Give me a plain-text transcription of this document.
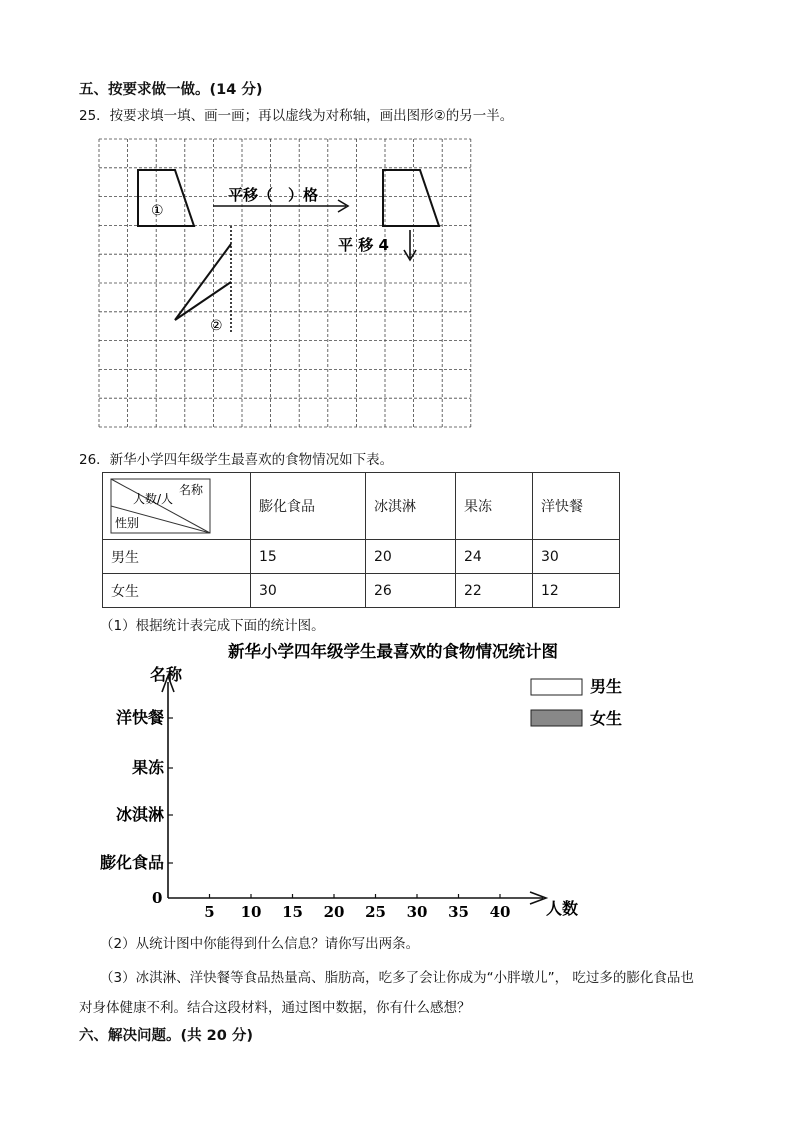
五、按要求做一做。(14 分)
25．按要求填一填、画一画；再以虚线为对称轴，画出图形②的另一半。
①
②
平移（　）格
平 移 4
26．新华小学四年级学生最喜欢的食物情况如下表。
名称
人数/人
性别	膨化食品	冰淇淋	果冻	洋快餐
男生	15	20	24	30
女生	30	26	22	12
（1）根据统计表完成下面的统计图。
新华小学四年级学生最喜欢的食物情况统计图
名称
人数
0
膨化食品
冰淇淋
果冻
洋快餐
5 10 15 20 25 30 35 40
男生
女生
（2）从统计图中你能得到什么信息？请你写出两条。
（3）冰淇淋、洋快餐等食品热量高、脂肪高，吃多了会让你成为“小胖墩儿”， 吃过多的膨化食品也
对身体健康不利。结合这段材料，通过图中数据，你有什么感想？
六、解决问题。(共 20 分)
